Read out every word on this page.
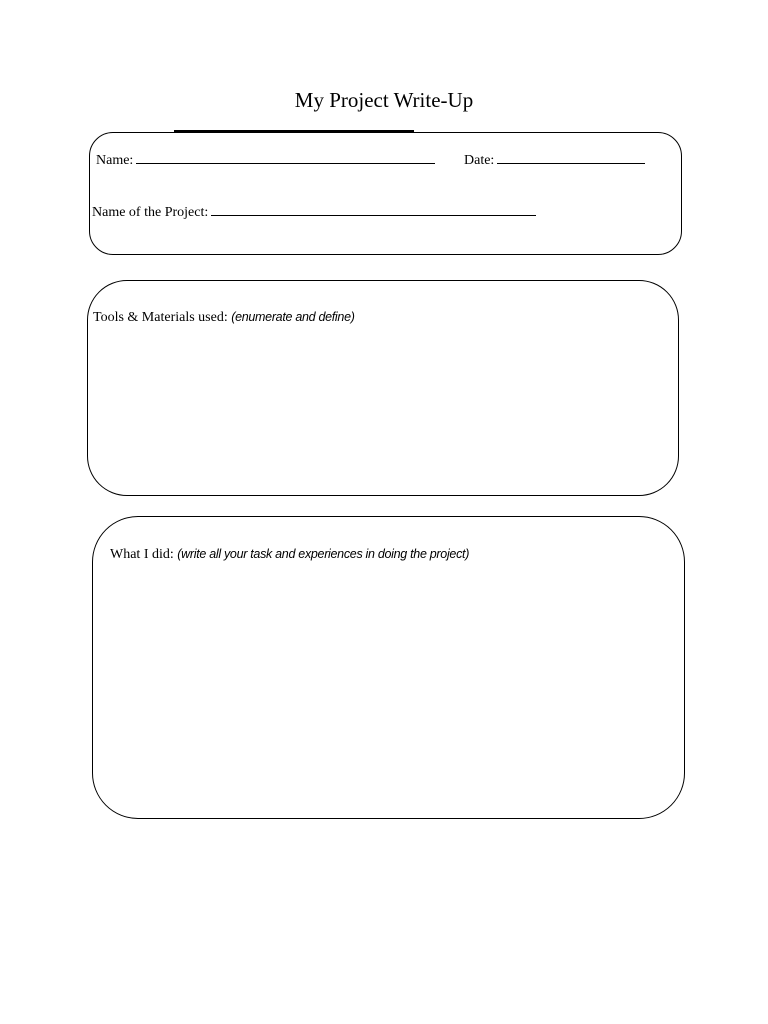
My Project Write-Up
Name:	Date:
Name of the Project:
Tools & Materials used: (enumerate and define)
What I did: (write all your task and experiences in doing the project)
